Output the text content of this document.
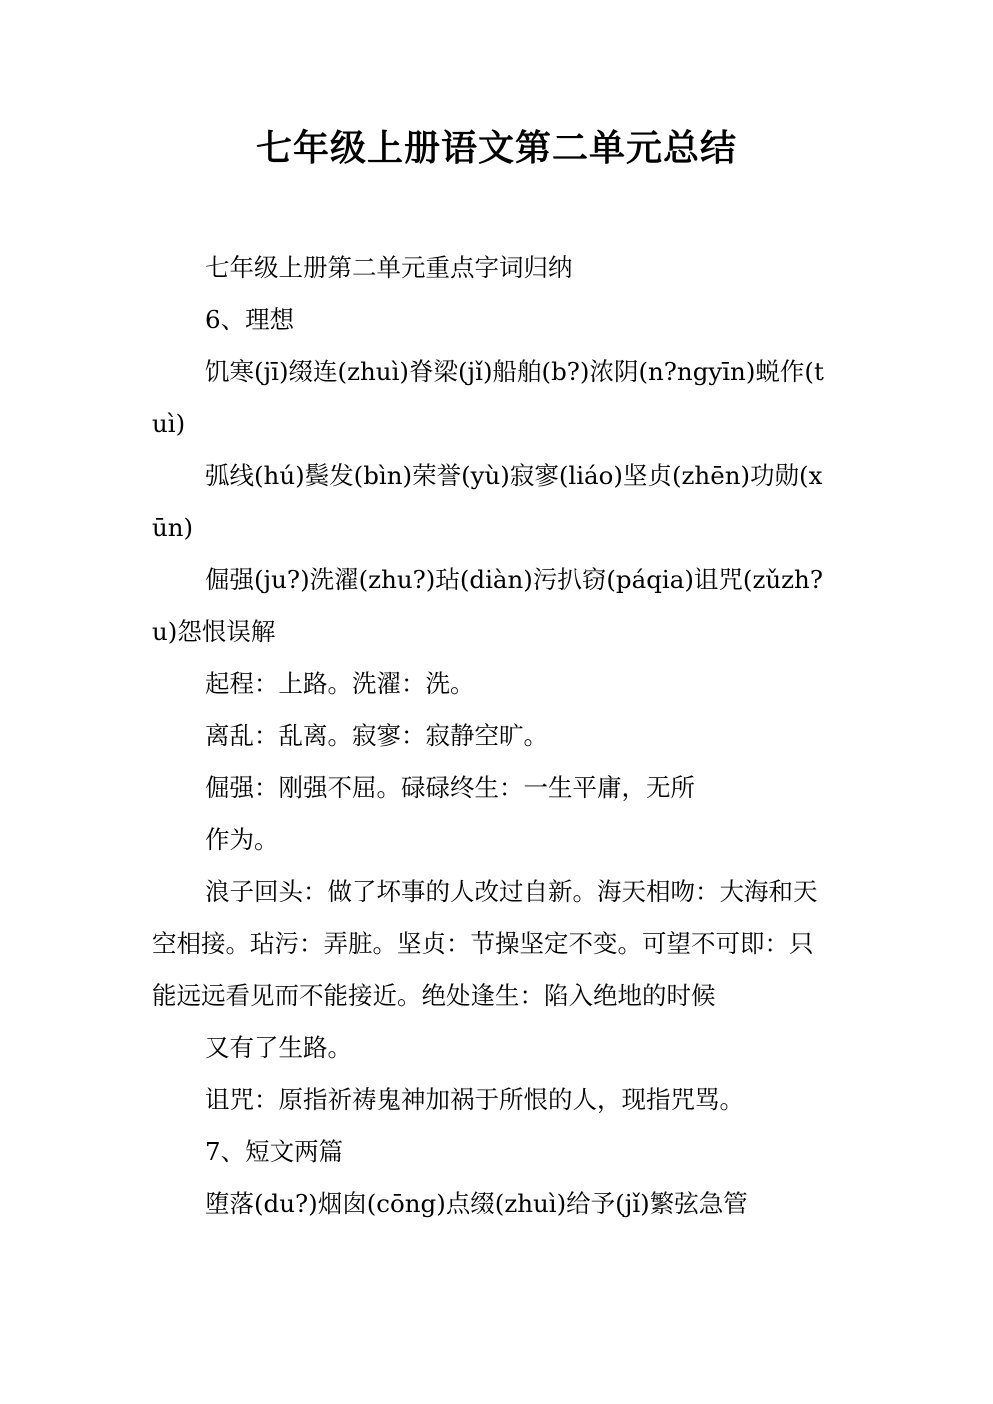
七年级上册语文第二单元总结

七年级上册第二单元重点字词归纳

6、理想

饥寒(jī)缀连(zhuì)脊梁(jǐ)船舶(b?)浓阴(n?ngyīn)蜕作(tuì)

弧线(hú)鬓发(bìn)荣誉(yù)寂寥(liáo)坚贞(zhēn)功勋(xūn)

倔强(ju?)洗濯(zhu?)玷(diàn)污扒窃(páqia)诅咒(zǔzh?u)怨恨误解

起程：上路。洗濯：洗。

离乱：乱离。寂寥：寂静空旷。

倔强：刚强不屈。碌碌终生：一生平庸，无所

作为。

浪子回头：做了坏事的人改过自新。海天相吻：大海和天空相接。玷污：弄脏。坚贞：节操坚定不变。可望不可即：只能远远看见而不能接近。绝处逢生：陷入绝地的时候

又有了生路。

诅咒：原指祈祷鬼神加祸于所恨的人，现指咒骂。

7、短文两篇

堕落(du?)烟囱(cōng)点缀(zhuì)给予(jǐ)繁弦急管
